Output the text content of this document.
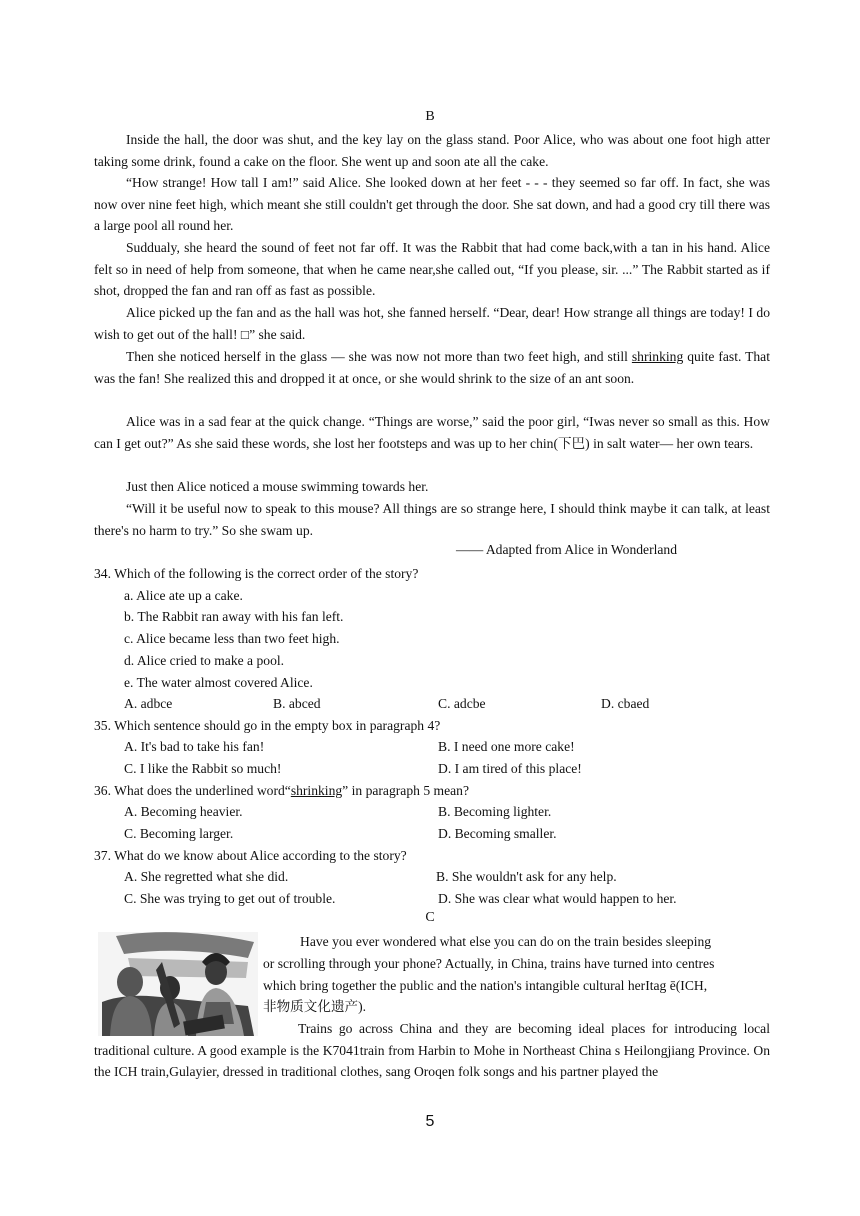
B

Inside the hall, the door was shut, and the key lay on the glass stand. Poor Alice, who was about one foot high atter taking some drink, found a cake on the floor. She went up and soon ate all the cake.

“How strange! How tall I am!” said Alice. She looked down at her feet - - - they seemed so far off. In fact, she was now over nine feet high, which meant she still couldn't get through the door. She sat down, and had a good cry till there was a large pool all round her.

Suddualy, she heard the sound of feet not far off. It was the Rabbit that had come back,with a tan in his hand. Alice felt so in need of help from someone, that when he came near,she called out, “If you please, sir. ...” The Rabbit started as if shot, dropped the fan and ran off as fast as possible.

Alice picked up the fan and as the hall was hot, she fanned herself. “Dear, dear! How strange all things are today! I do wish to get out of the hall! □” she said.

Then she noticed herself in the glass — she was now not more than two feet high, and still shrinking quite fast. That was the fan! She realized this and dropped it at once, or she would shrink to the size of an ant soon.

Alice was in a sad fear at the quick change. “Things are worse,” said the poor girl, “Iwas never so small as this. How can I get out?” As she said these words, she lost her footsteps and was up to her chin(下巴) in salt water— her own tears.

Just then Alice noticed a mouse swimming towards her.

“Will it be useful now to speak to this mouse? All things are so strange here, I should think maybe it can talk, at least there's no harm to try.” So she swam up.

—— Adapted from Alice in Wonderland
34. Which of the following is the correct order of the story?
a. Alice ate up a cake.
b. The Rabbit ran away with his fan left.
c. Alice became less than two feet high.
d. Alice cried to make a pool.
e. The water almost covered Alice.
A. adbce	B. abced	C. adcbe	D. cbaed
35. Which sentence should go in the empty box in paragraph 4?
A. It's bad to take his fan!	B. I need one more cake!
C. I like the Rabbit so much!	D. I am tired of this place!
36. What does the underlined word“shrinking” in paragraph 5 mean?
A. Becoming heavier.	B. Becoming lighter.
C. Becoming larger.	D. Becoming smaller.
37. What do we know about Alice according to the story?
A. She regretted what she did.	B. She wouldn't ask for any help.
C. She was trying to get out of trouble.	D. She was clear what would happen to her.
C
Have you ever wondered what else you can do on the train besides sleeping
or scrolling through your phone? Actually, in China, trains have turned into centres
which bring together the public and the nation's intangible cultural herItag ē(ICH,
非物质文化遗产).

Trains go across China and they are becoming ideal places for introducing local traditional culture. A good example is the K7041train from Harbin to Mohe in Northeast China s Heilongjiang Province. On the ICH train,Gulayier, dressed in traditional clothes, sang Oroqen folk songs and his partner played the

5
